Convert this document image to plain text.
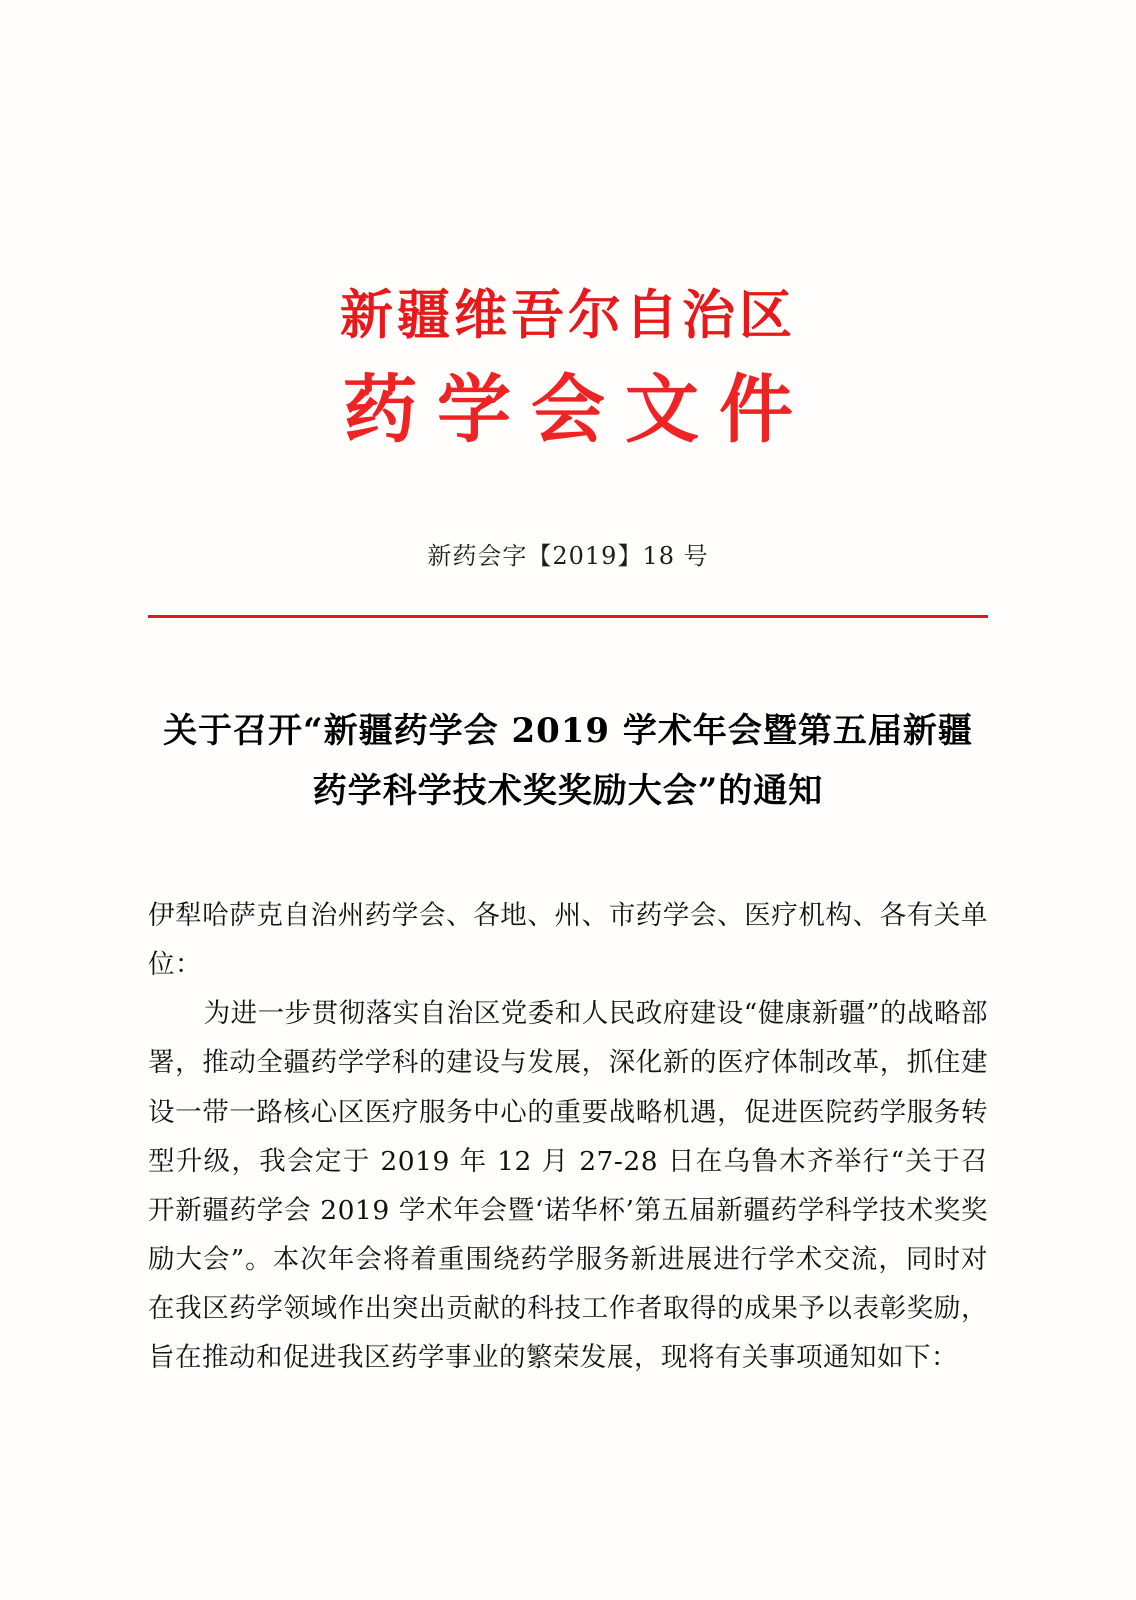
新疆维吾尔自治区
药学会文件
新药会字【2019】18 号
关于召开“新疆药学会 2019 学术年会暨第五届新疆药学科学技术奖奖励大会”的通知

伊犁哈萨克自治州药学会、各地、州、市药学会、医疗机构、各有关单位：

为进一步贯彻落实自治区党委和人民政府建设“健康新疆”的战略部署，推动全疆药学学科的建设与发展，深化新的医疗体制改革，抓住建设一带一路核心区医疗服务中心的重要战略机遇，促进医院药学服务转型升级，我会定于 2019 年 12 月 27-28 日在乌鲁木齐举行“关于召开新疆药学会 2019 学术年会暨‘诺华杯’第五届新疆药学科学技术奖奖励大会”。本次年会将着重围绕药学服务新进展进行学术交流，同时对在我区药学领域作出突出贡献的科技工作者取得的成果予以表彰奖励，旨在推动和促进我区药学事业的繁荣发展，现将有关事项通知如下：
